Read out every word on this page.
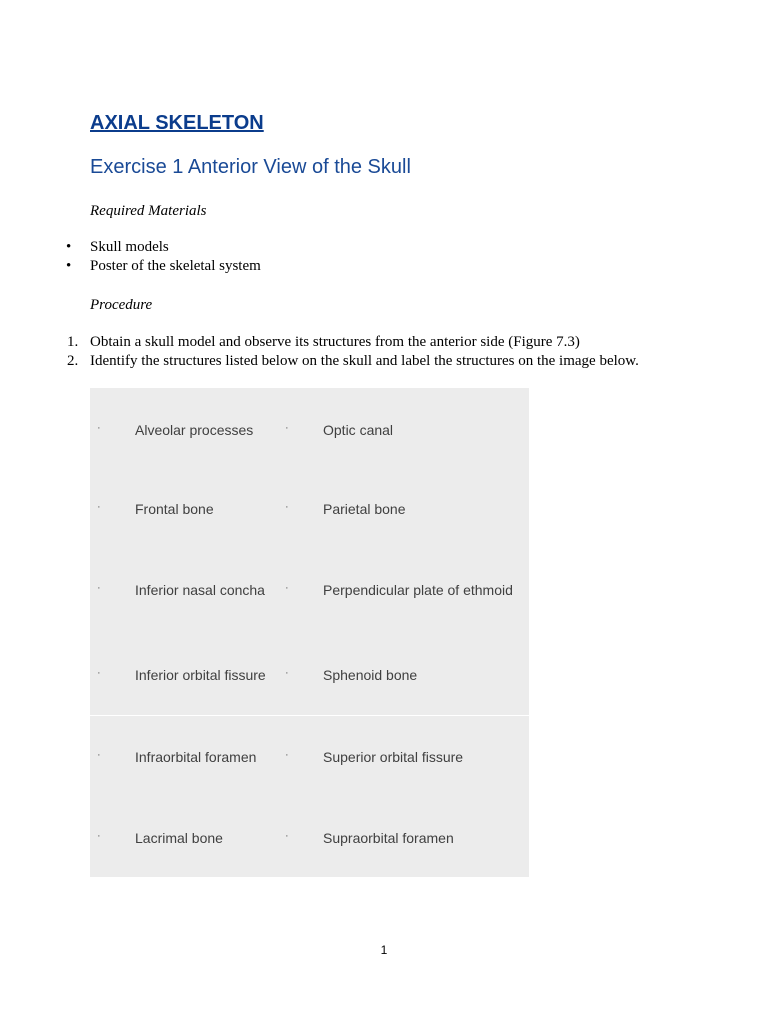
AXIAL SKELETON
Exercise 1 Anterior View of the Skull

Required Materials

• Skull models
• Poster of the skeletal system

Procedure

1. Obtain a skull model and observe its structures from the anterior side (Figure 7.3)
2. Identify the structures listed below on the skull and label the structures on the image below.
· Alveolar processes
· Frontal bone
· Inferior nasal concha
· Inferior orbital fissure
· Infraorbital foramen
· Lacrimal bone
· Optic canal
· Parietal bone
· Perpendicular plate of ethmoid
· Sphenoid bone
· Superior orbital fissure
· Supraorbital foramen
1
